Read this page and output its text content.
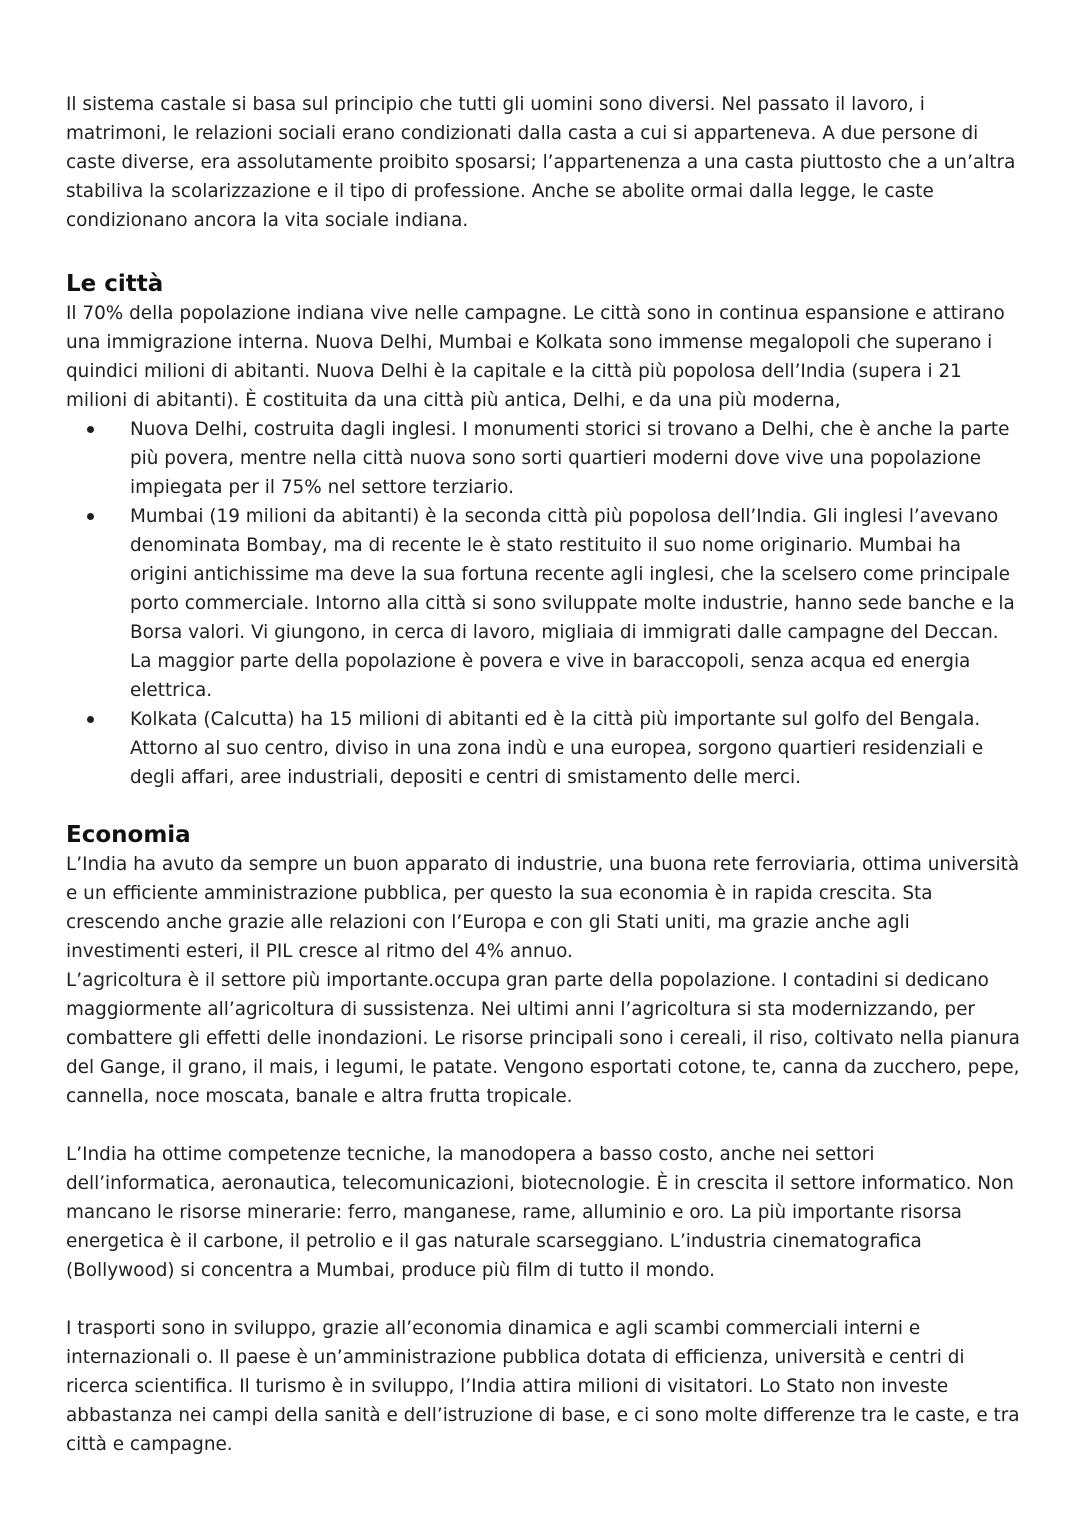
Il sistema castale si basa sul principio che tutti gli uomini sono diversi. Nel passato il lavoro, i matrimoni, le relazioni sociali erano condizionati dalla casta a cui si apparteneva. A due persone di caste diverse, era assolutamente proibito sposarsi; l’appartenenza a una casta piuttosto che a un’altra stabiliva la scolarizzazione e il tipo di professione. Anche se abolite ormai dalla legge, le caste condizionano ancora la vita sociale indiana.

Le città

Il 70% della popolazione indiana vive nelle campagne. Le città sono in continua espansione e attirano una immigrazione interna. Nuova Delhi, Mumbai e Kolkata sono immense megalopoli che superano i quindici milioni di abitanti. Nuova Delhi è la capitale e la città più popolosa dell’India (supera i 21 milioni di abitanti). È costituita da una città più antica, Delhi, e da una più moderna,

Nuova Delhi, costruita dagli inglesi. I monumenti storici si trovano a Delhi, che è anche la parte più povera, mentre nella città nuova sono sorti quartieri moderni dove vive una popolazione impiegata per il 75% nel settore terziario.
Mumbai (19 milioni da abitanti) è la seconda città più popolosa dell’India. Gli inglesi l’avevano denominata Bombay, ma di recente le è stato restituito il suo nome originario. Mumbai ha origini antichissime ma deve la sua fortuna recente agli inglesi, che la scelsero come principale porto commerciale. Intorno alla città si sono sviluppate molte industrie, hanno sede banche e la Borsa valori. Vi giungono, in cerca di lavoro, migliaia di immigrati dalle campagne del Deccan. La maggior parte della popolazione è povera e vive in baraccopoli, senza acqua ed energia elettrica.
Kolkata (Calcutta) ha 15 milioni di abitanti ed è la città più importante sul golfo del Bengala. Attorno al suo centro, diviso in una zona indù e una europea, sorgono quartieri residenziali e degli affari, aree industriali, depositi e centri di smistamento delle merci.
Economia

L’India ha avuto da sempre un buon apparato di industrie, una buona rete ferroviaria, ottima università e un efficiente amministrazione pubblica, per questo la sua economia è in rapida crescita. Sta crescendo anche grazie alle relazioni con l’Europa e con gli Stati uniti, ma grazie anche agli investimenti esteri, il PIL cresce al ritmo del 4% annuo.

L’agricoltura è il settore più importante.occupa gran parte della popolazione. I contadini si dedicano maggiormente all’agricoltura di sussistenza. Nei ultimi anni l’agricoltura si sta modernizzando, per combattere gli effetti delle inondazioni. Le risorse principali sono i cereali, il riso, coltivato nella pianura del Gange, il grano, il mais, i legumi, le patate. Vengono esportati cotone, te, canna da zucchero, pepe, cannella, noce moscata, banale e altra frutta tropicale.

L’India ha ottime competenze tecniche, la manodopera a basso costo, anche nei settori dell’informatica, aeronautica, telecomunicazioni, biotecnologie. È in crescita il settore informatico. Non mancano le risorse minerarie: ferro, manganese, rame, alluminio e oro. La più importante risorsa energetica è il carbone, il petrolio e il gas naturale scarseggiano. L’industria cinematografica (Bollywood) si concentra a Mumbai, produce più film di tutto il mondo.

I trasporti sono in sviluppo, grazie all’economia dinamica e agli scambi commerciali interni e internazionali o. Il paese è un’amministrazione pubblica dotata di efficienza, università e centri di ricerca scientifica. Il turismo è in sviluppo, l’India attira milioni di visitatori. Lo Stato non investe abbastanza nei campi della sanità e dell’istruzione di base, e ci sono molte differenze tra le caste, e tra città e campagne.
